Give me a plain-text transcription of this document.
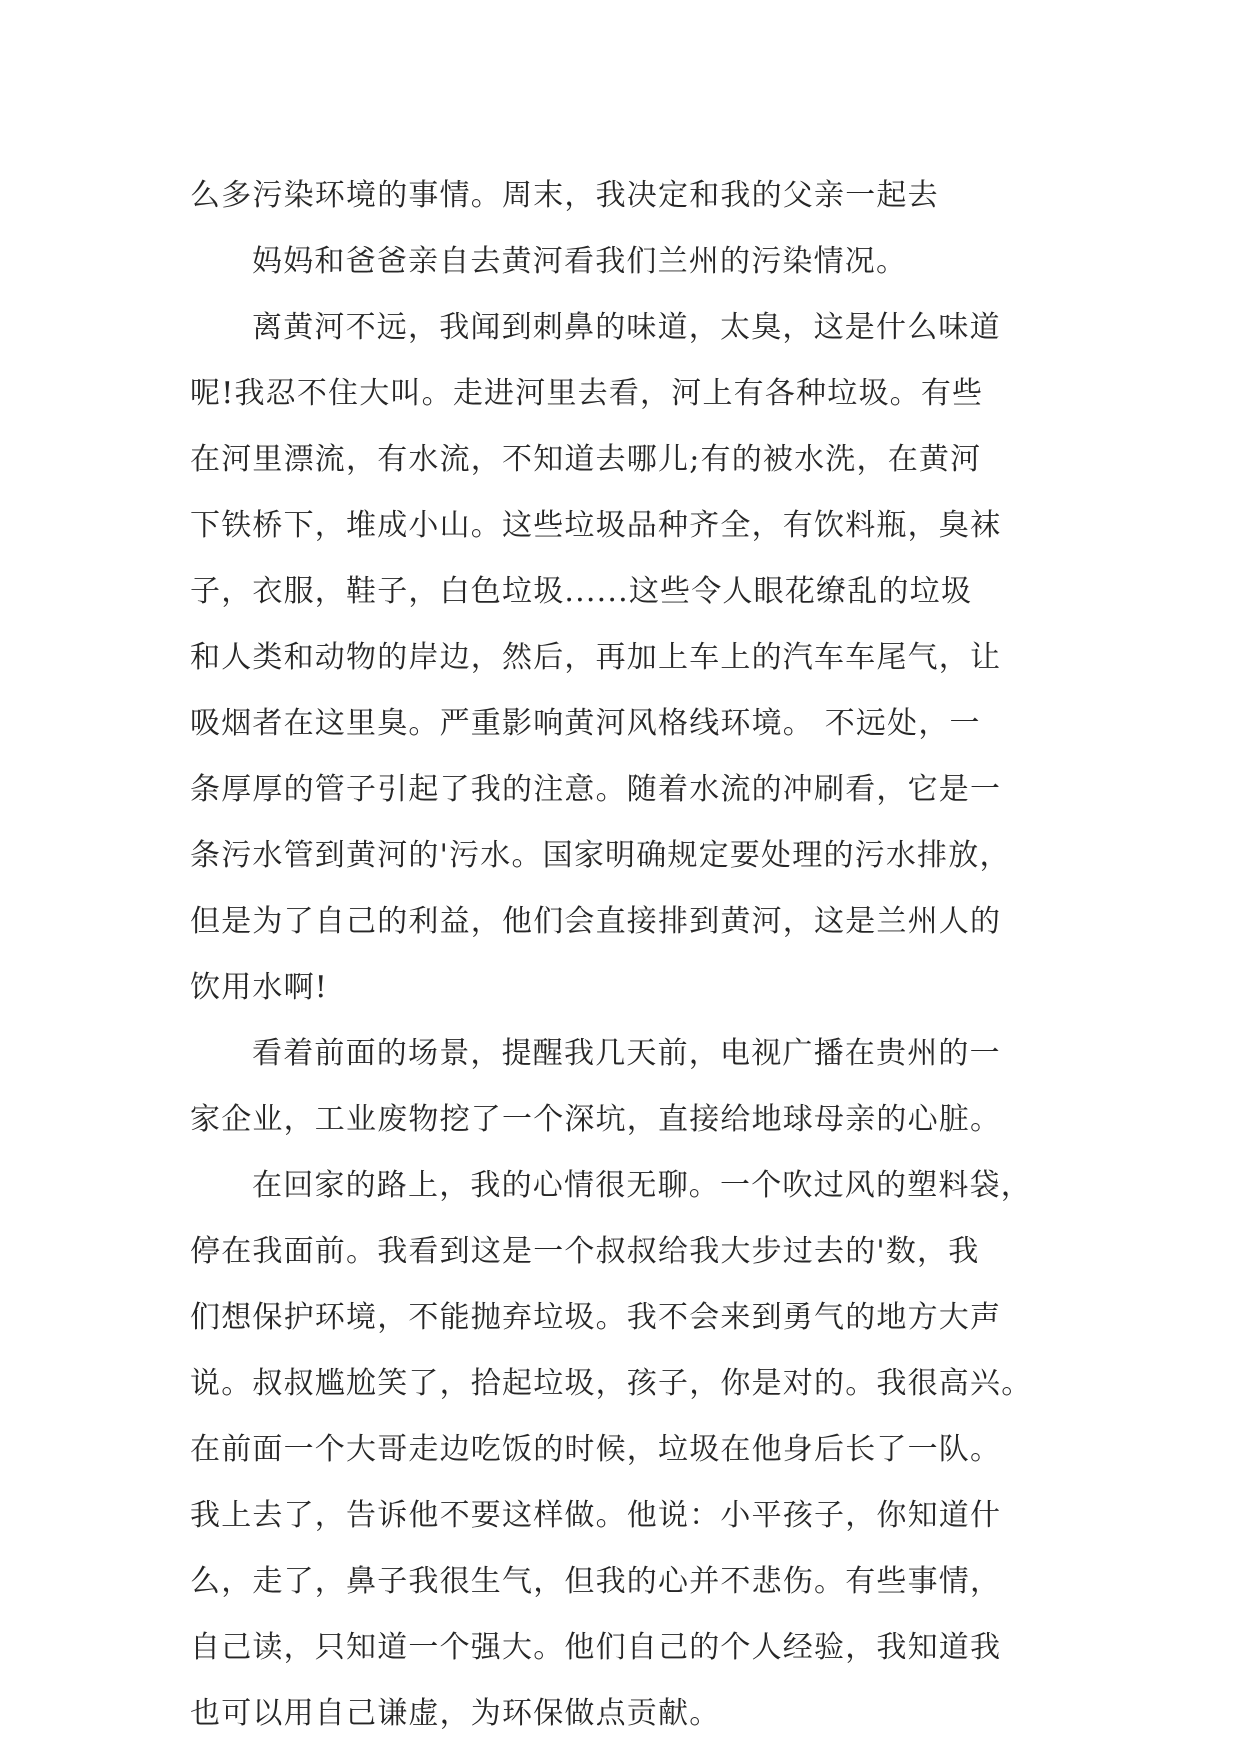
么多污染环境的事情。周末，我决定和我的父亲一起去
妈妈和爸爸亲自去黄河看我们兰州的污染情况。
离黄河不远，我闻到刺鼻的味道，太臭，这是什么味道
呢!我忍不住大叫。走进河里去看，河上有各种垃圾。有些
在河里漂流，有水流，不知道去哪儿;有的被水洗，在黄河
下铁桥下，堆成小山。这些垃圾品种齐全，有饮料瓶，臭袜
子，衣服，鞋子，白色垃圾......这些令人眼花缭乱的垃圾
和人类和动物的岸边，然后，再加上车上的汽车车尾气，让
吸烟者在这里臭。严重影响黄河风格线环境。 不远处，一
条厚厚的管子引起了我的注意。随着水流的冲刷看，它是一
条污水管到黄河的'污水。国家明确规定要处理的污水排放，
但是为了自己的利益，他们会直接排到黄河，这是兰州人的
饮用水啊!
看着前面的场景，提醒我几天前，电视广播在贵州的一
家企业，工业废物挖了一个深坑，直接给地球母亲的心脏。
在回家的路上，我的心情很无聊。一个吹过风的塑料袋，
停在我面前。我看到这是一个叔叔给我大步过去的'数，我
们想保护环境，不能抛弃垃圾。我不会来到勇气的地方大声
说。叔叔尴尬笑了，拾起垃圾，孩子，你是对的。我很高兴。
在前面一个大哥走边吃饭的时候，垃圾在他身后长了一队。
我上去了，告诉他不要这样做。他说：小平孩子，你知道什
么，走了，鼻子我很生气，但我的心并不悲伤。有些事情，
自己读，只知道一个强大。他们自己的个人经验，我知道我
也可以用自己谦虚，为环保做点贡献。
